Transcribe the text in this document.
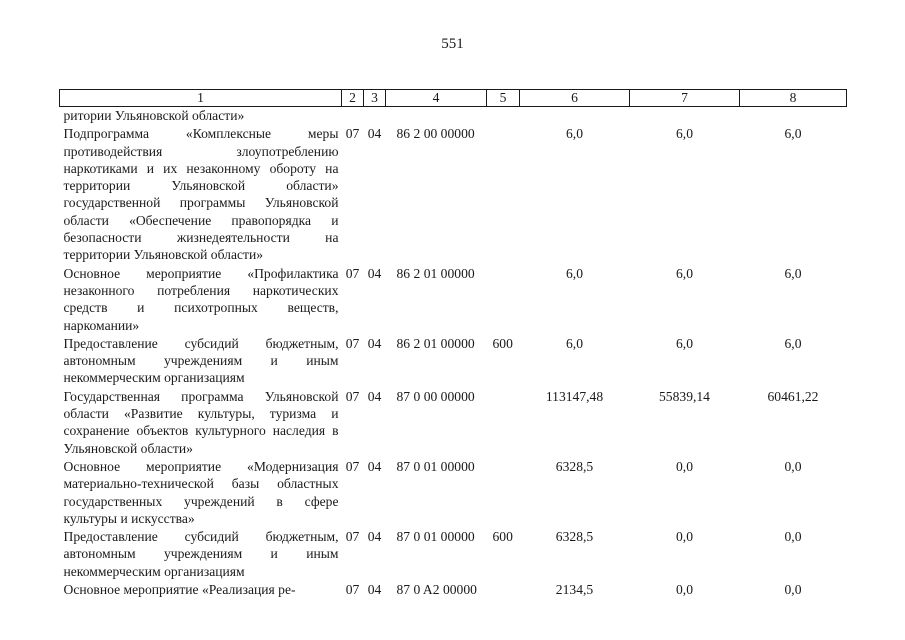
551
1	2	3	4	5	6	7	8
ритории Ульяновской области»							
Подпрограмма «Комплексные меры противодействия злоупотреблению наркотиками и их незаконному обороту на территории Ульяновской области» государственной программы Ульяновской области «Обеспечение правопорядка и безопасности жизнедеятельности на территории Ульяновской области»	07	04	86 2 00 00000		6,0	6,0	6,0
Основное мероприятие «Профилактика незаконного потребления наркотических средств и психотропных веществ, наркомании»	07	04	86 2 01 00000		6,0	6,0	6,0
Предоставление субсидий бюджетным, автономным учреждениям и иным некоммерческим организациям	07	04	86 2 01 00000	600	6,0	6,0	6,0
Государственная программа Ульяновской области «Развитие культуры, туризма и сохранение объектов культурного наследия в Ульяновской области»	07	04	87 0 00 00000		113147,48	55839,14	60461,22
Основное мероприятие «Модернизация материально-технической базы областных государственных учреждений в сфере культуры и искусства»	07	04	87 0 01 00000		6328,5	0,0	0,0
Предоставление субсидий бюджетным, автономным учреждениям и иным некоммерческим организациям	07	04	87 0 01 00000	600	6328,5	0,0	0,0
Основное мероприятие «Реализация ре-	07	04	87 0 A2 00000		2134,5	0,0	0,0
